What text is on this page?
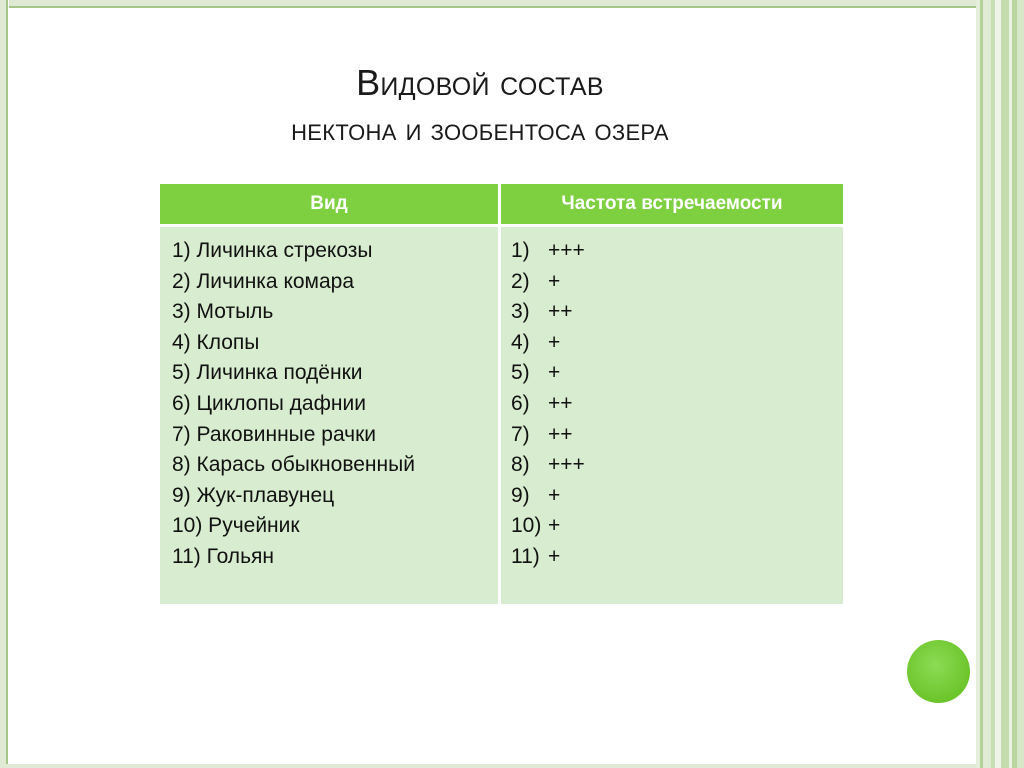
Видовой состав
нектона и зообентоса озера
Вид	Частота встречаемости
1) Личинка стрекозы
2) Личинка комара
3) Мотыль
4) Клопы
5) Личинка подёнки
6) Циклопы дафнии
7) Раковинные рачки
8) Карась обыкновенный
9) Жук-плавунец
10) Ручейник
11) Гольян
1) +++
2) +
3) ++
4) +
5) +
6) ++
7) ++
8) +++
9) +
10) +
11) +
